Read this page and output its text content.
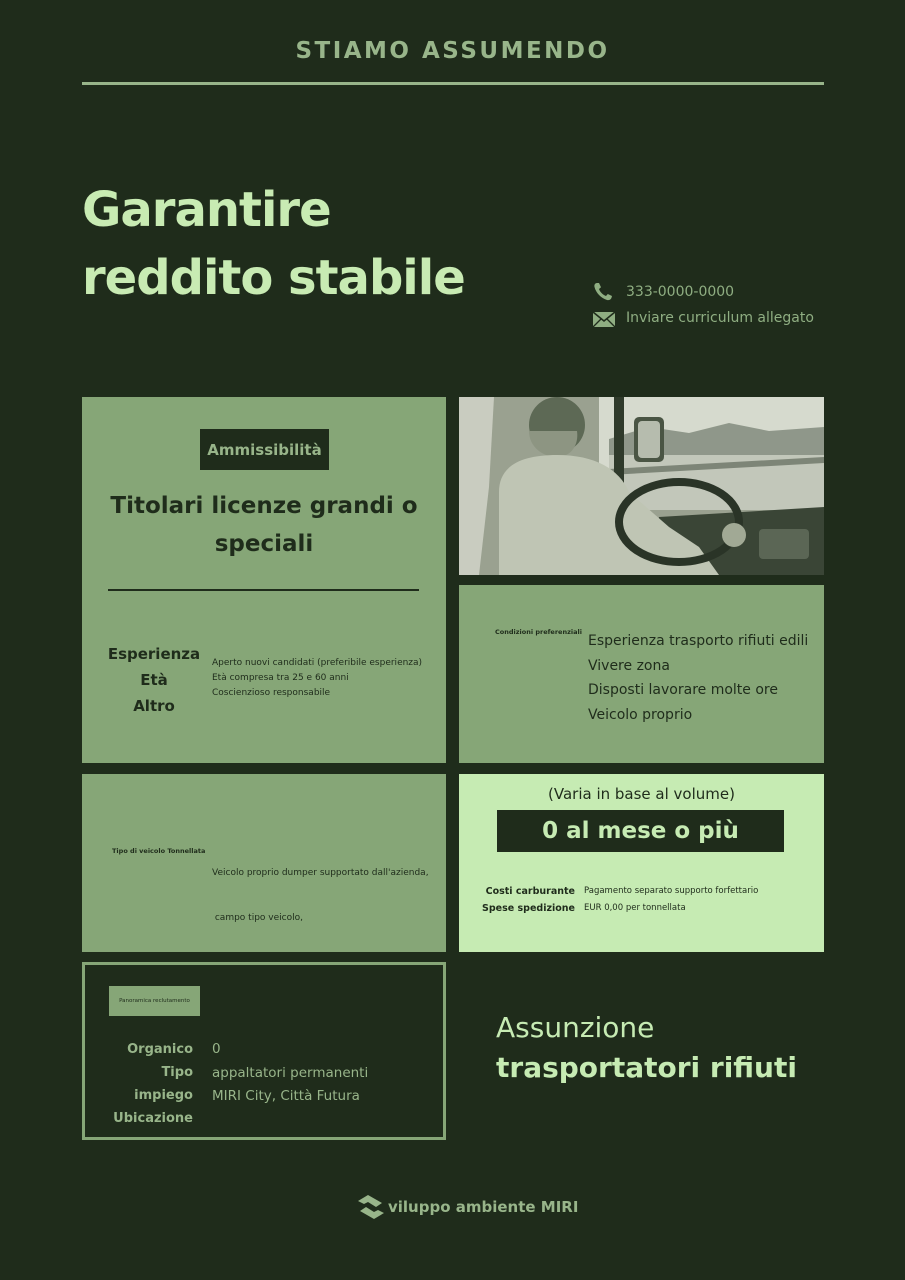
STIAMO ASSUMENDO
Garantire
reddito stabile	333-0000-0000
Inviare curriculum allegato
Ammissibilità
Titolari licenze grandi o speciali
Esperienza
Età
Altro
Aperto nuovi candidati (preferibile esperienza)
Età compresa tra 25 e 60 anni
Coscienzioso responsabile
Condizioni preferenziali
Esperienza trasporto rifiuti edili
Vivere zona
Disposti lavorare molte ore
Veicolo proprio
Tipo di veicolo Tonnellata

Veicolo proprio dumper supportato dall'azienda,

campo tipo veicolo,

(Varia in base al volume)
0 al mese o più
Costi carburante
Spese spedizione
Pagamento separato supporto forfettario
EUR 0,00 per tonnellata
Panoramica reclutamento
Organico
Tipo impiego
Ubicazione
0
appaltatori permanenti
MIRI City, Città Futura
Assunzione
trasportatori rifiuti
viluppo ambiente MIRI
